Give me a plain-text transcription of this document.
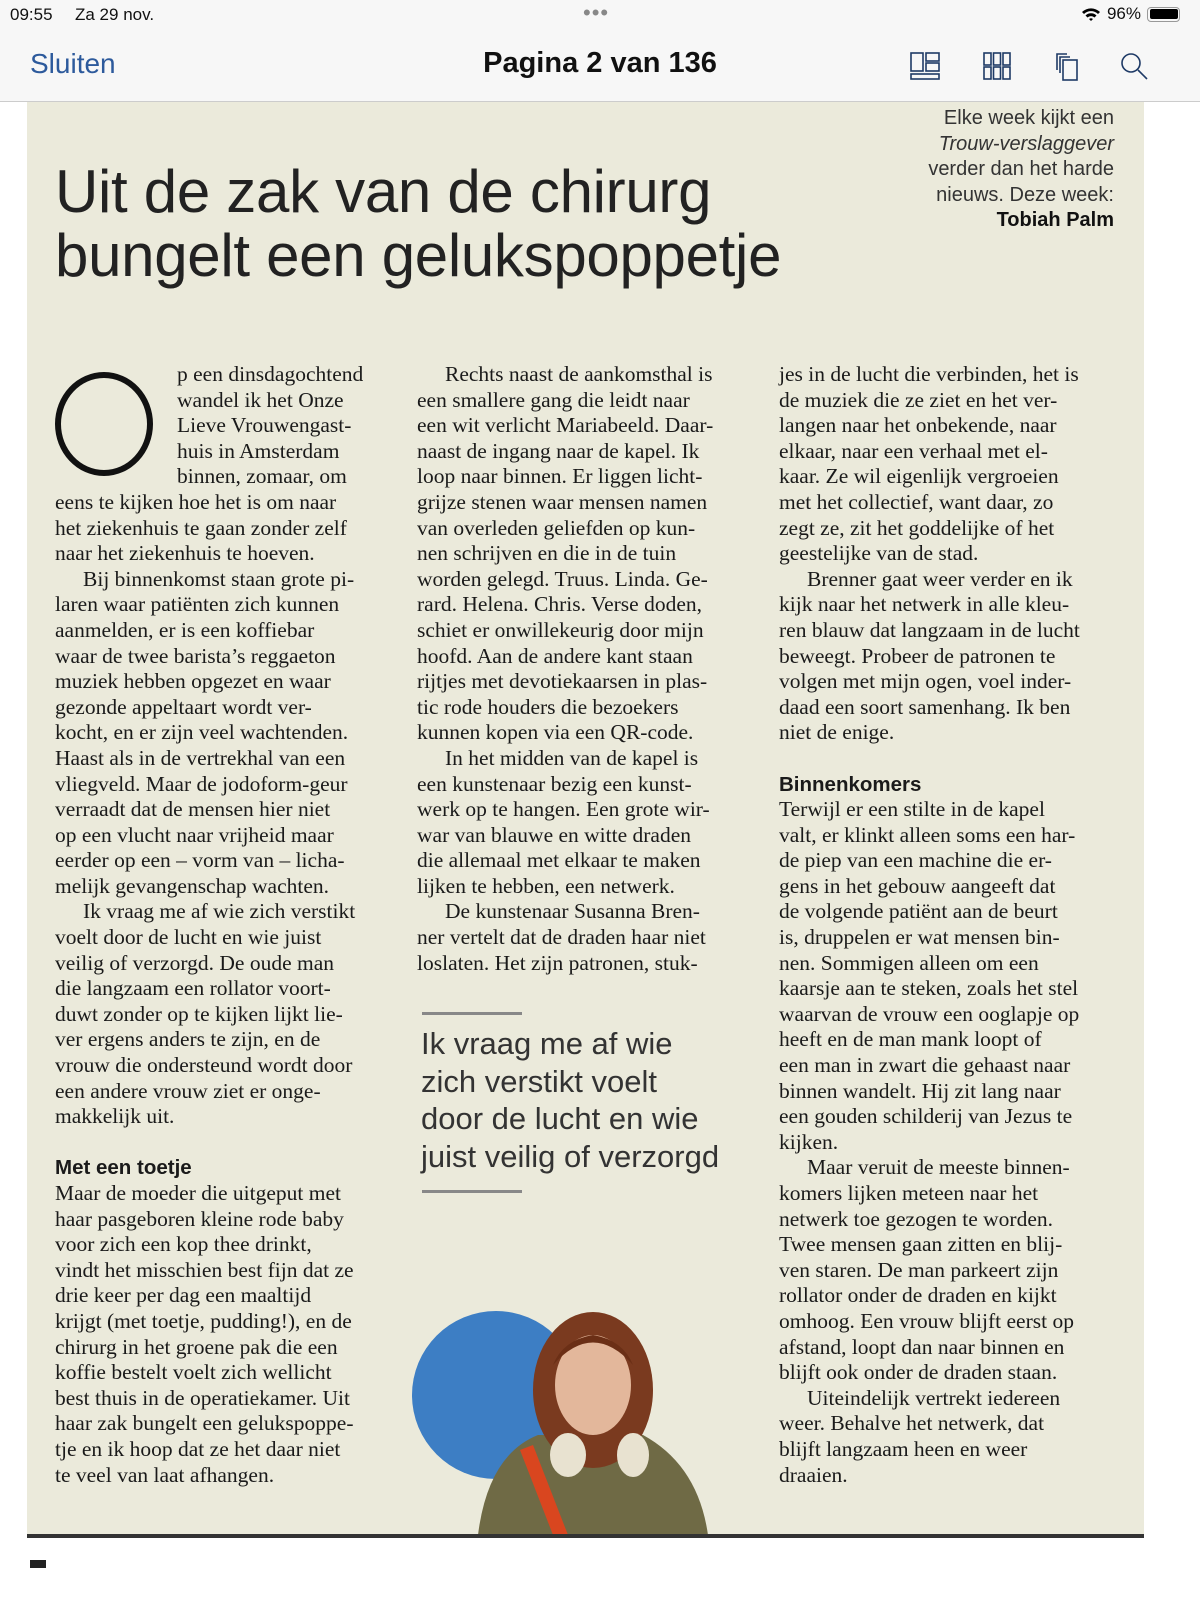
09:55 Za 29 nov.	•••	96%
Sluiten	Pagina 2 van 136
Elke week kijkt een
Trouw-verslaggever
verder dan het harde
nieuws. Deze week:
Tobiah Palm
Uit de zak van de chirurg
bungelt een gelukspoppetje
p een dinsdagochtend
wandel ik het Onze
Lieve Vrouwengast-
huis in Amsterdam
binnen, zomaar, om
eens te kijken hoe het is om naar
het ziekenhuis te gaan zonder zelf
naar het ziekenhuis te hoeven.
Bij binnenkomst staan grote pi-
laren waar patiënten zich kunnen
aanmelden, er is een koffiebar
waar de twee barista’s reggaeton
muziek hebben opgezet en waar
gezonde appeltaart wordt ver-
kocht, en er zijn veel wachtenden.
Haast als in de vertrekhal van een
vliegveld. Maar de jodoform-geur
verraadt dat de mensen hier niet
op een vlucht naar vrijheid maar
eerder op een – vorm van – licha-
melijk gevangenschap wachten.
Ik vraag me af wie zich verstikt
voelt door de lucht en wie juist
veilig of verzorgd. De oude man
die langzaam een rollator voort-
duwt zonder op te kijken lijkt lie-
ver ergens anders te zijn, en de
vrouw die ondersteund wordt door
een andere vrouw ziet er onge-
makkelijk uit.
Met een toetje
Maar de moeder die uitgeput met
haar pasgeboren kleine rode baby
voor zich een kop thee drinkt,
vindt het misschien best fijn dat ze
drie keer per dag een maaltijd
krijgt (met toetje, pudding!), en de
chirurg in het groene pak die een
koffie bestelt voelt zich wellicht
best thuis in de operatiekamer. Uit
haar zak bungelt een gelukspoppe-
tje en ik hoop dat ze het daar niet
te veel van laat afhangen.
Rechts naast de aankomsthal is
een smallere gang die leidt naar
een wit verlicht Mariabeeld. Daar-
naast de ingang naar de kapel. Ik
loop naar binnen. Er liggen licht-
grijze stenen waar mensen namen
van overleden geliefden op kun-
nen schrijven en die in de tuin
worden gelegd. Truus. Linda. Ge-
rard. Helena. Chris. Verse doden,
schiet er onwillekeurig door mijn
hoofd. Aan de andere kant staan
rijtjes met devotiekaarsen in plas-
tic rode houders die bezoekers
kunnen kopen via een QR-code.
In het midden van de kapel is
een kunstenaar bezig een kunst-
werk op te hangen. Een grote wir-
war van blauwe en witte draden
die allemaal met elkaar te maken
lijken te hebben, een netwerk.
De kunstenaar Susanna Bren-
ner vertelt dat de draden haar niet
loslaten. Het zijn patronen, stuk-
jes in de lucht die verbinden, het is
de muziek die ze ziet en het ver-
langen naar het onbekende, naar
elkaar, naar een verhaal met el-
kaar. Ze wil eigenlijk vergroeien
met het collectief, want daar, zo
zegt ze, zit het goddelijke of het
geestelijke van de stad.
Brenner gaat weer verder en ik
kijk naar het netwerk in alle kleu-
ren blauw dat langzaam in de lucht
beweegt. Probeer de patronen te
volgen met mijn ogen, voel inder-
daad een soort samenhang. Ik ben
niet de enige.
Binnenkomers
Terwijl er een stilte in de kapel
valt, er klinkt alleen soms een har-
de piep van een machine die er-
gens in het gebouw aangeeft dat
de volgende patiënt aan de beurt
is, druppelen er wat mensen bin-
nen. Sommigen alleen om een
kaarsje aan te steken, zoals het stel
waarvan de vrouw een ooglapje op
heeft en de man mank loopt of
een man in zwart die gehaast naar
binnen wandelt. Hij zit lang naar
een gouden schilderij van Jezus te
kijken.
Maar veruit de meeste binnen-
komers lijken meteen naar het
netwerk toe gezogen te worden.
Twee mensen gaan zitten en blij-
ven staren. De man parkeert zijn
rollator onder de draden en kijkt
omhoog. Een vrouw blijft eerst op
afstand, loopt dan naar binnen en
blijft ook onder de draden staan.
Uiteindelijk vertrekt iedereen
weer. Behalve het netwerk, dat
blijft langzaam heen en weer
draaien.
Ik vraag me af wie
zich verstikt voelt
door de lucht en wie
juist veilig of verzorgd
